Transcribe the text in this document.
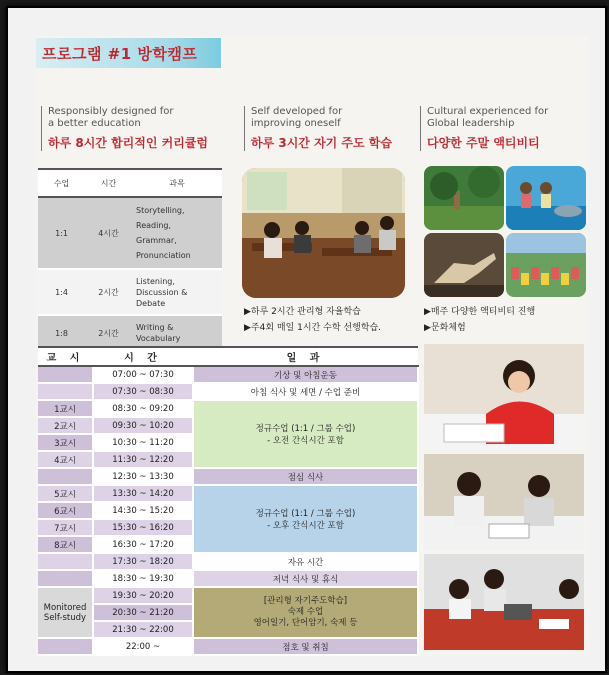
프로그램 #1 방학캠프
Responsibly designed for
a better education
하루 8시간 합리적인 커리큘럼
Self developed for
improving oneself
하루 3시간 자기 주도 학습
Cultural experienced for
Global leadership
다양한 주말 액티비티
수업	시간	과목
1:1	4시간	Storytelling,
Reading,
Grammar,
Pronunciation

1:4	2시간	Listening,
Discussion &
Debate

1:8	2시간	Writing &
Vocabulary
▶하루 2시간 관리형 자율학습
▶주4회 매일 1시간 수학 선행학습.
▶매주 다양한 액티비티 진행
▶문화체험
교 시	시 간	일 과
	07:00 ~ 07:30	기상 및 아침운동
	07:30 ~ 08:30	아침 식사 및 세면 / 수업 준비
1교시	08:30 ~ 09:20	정규수업 (1:1 / 그룹 수업)
- 오전 간식시간 포함

2교시	09:30 ~ 10:20	
3교시	10:30 ~ 11:20	
4교시	11:30 ~ 12:20	
	12:30 ~ 13:30	점심 식사
5교시	13:30 ~ 14:20	정규수업 (1:1 / 그룹 수업)
- 오후 간식시간 포함

6교시	14:30 ~ 15:20	
7교시	15:30 ~ 16:20	
8교시	16:30 ~ 17:20	
	17:30 ~ 18:20	자유 시간
	18:30 ~ 19:30	저녁 식사 및 휴식
Monitored Self-study	19:30 ~ 20:20	[관리형 자기주도학습]
숙제 수업
영어일기, 단어암기, 숙제 등

	20:30 ~ 21:20	
	21:30 ~ 22:00	
	22:00 ~	점호 및 취침
